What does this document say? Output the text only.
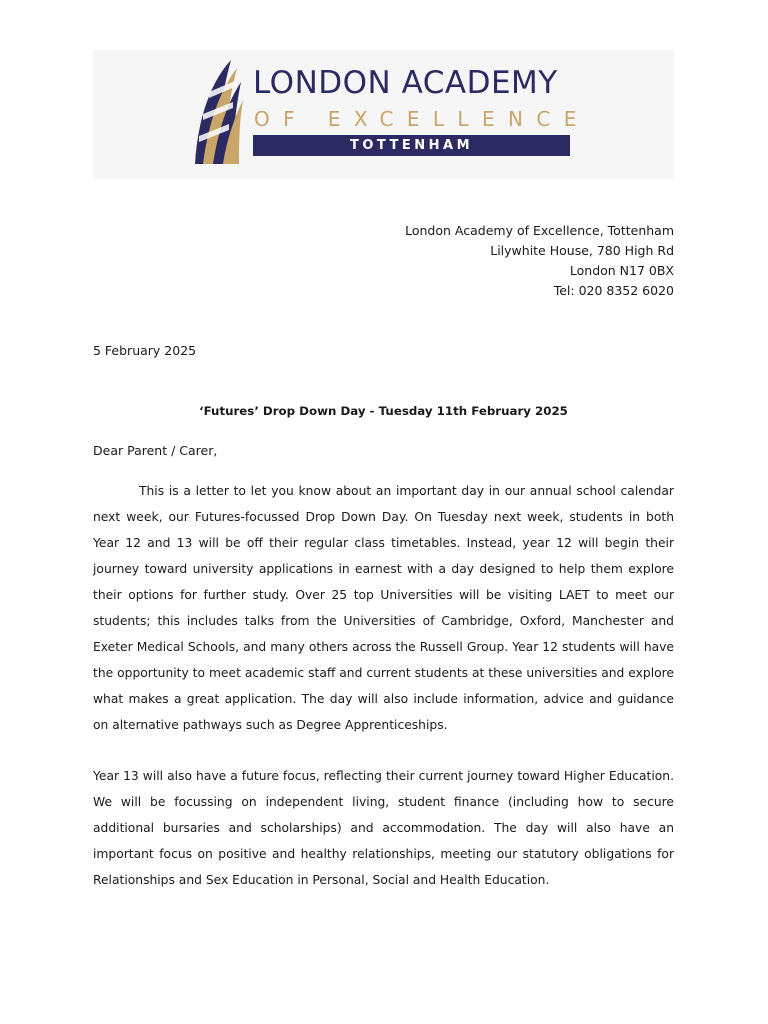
LONDON ACADEMY
OF EXCELLENCE
TOTTENHAM
London Academy of Excellence, Tottenham
Lilywhite House, 780 High Rd
London N17 0BX
Tel: 020 8352 6020
5 February 2025
‘Futures’ Drop Down Day - Tuesday 11th February 2025
Dear Parent / Carer,

This is a letter to let you know about an important day in our annual school calendar next week, our Futures-focussed Drop Down Day. On Tuesday next week, students in both Year 12 and 13 will be off their regular class timetables. Instead, year 12 will begin their journey toward university applications in earnest with a day designed to help them explore their options for further study. Over 25 top Universities will be visiting LAET to meet our students; this includes talks from the Universities of Cambridge, Oxford, Manchester and Exeter Medical Schools, and many others across the Russell Group. Year 12 students will have the opportunity to meet academic staff and current students at these universities and explore what makes a great application. The day will also include information, advice and guidance on alternative pathways such as Degree Apprenticeships.

Year 13 will also have a future focus, reflecting their current journey toward Higher Education. We will be focussing on independent living, student finance (including how to secure additional bursaries and scholarships) and accommodation. The day will also have an important focus on positive and healthy relationships, meeting our statutory obligations for Relationships and Sex Education in Personal, Social and Health Education.
